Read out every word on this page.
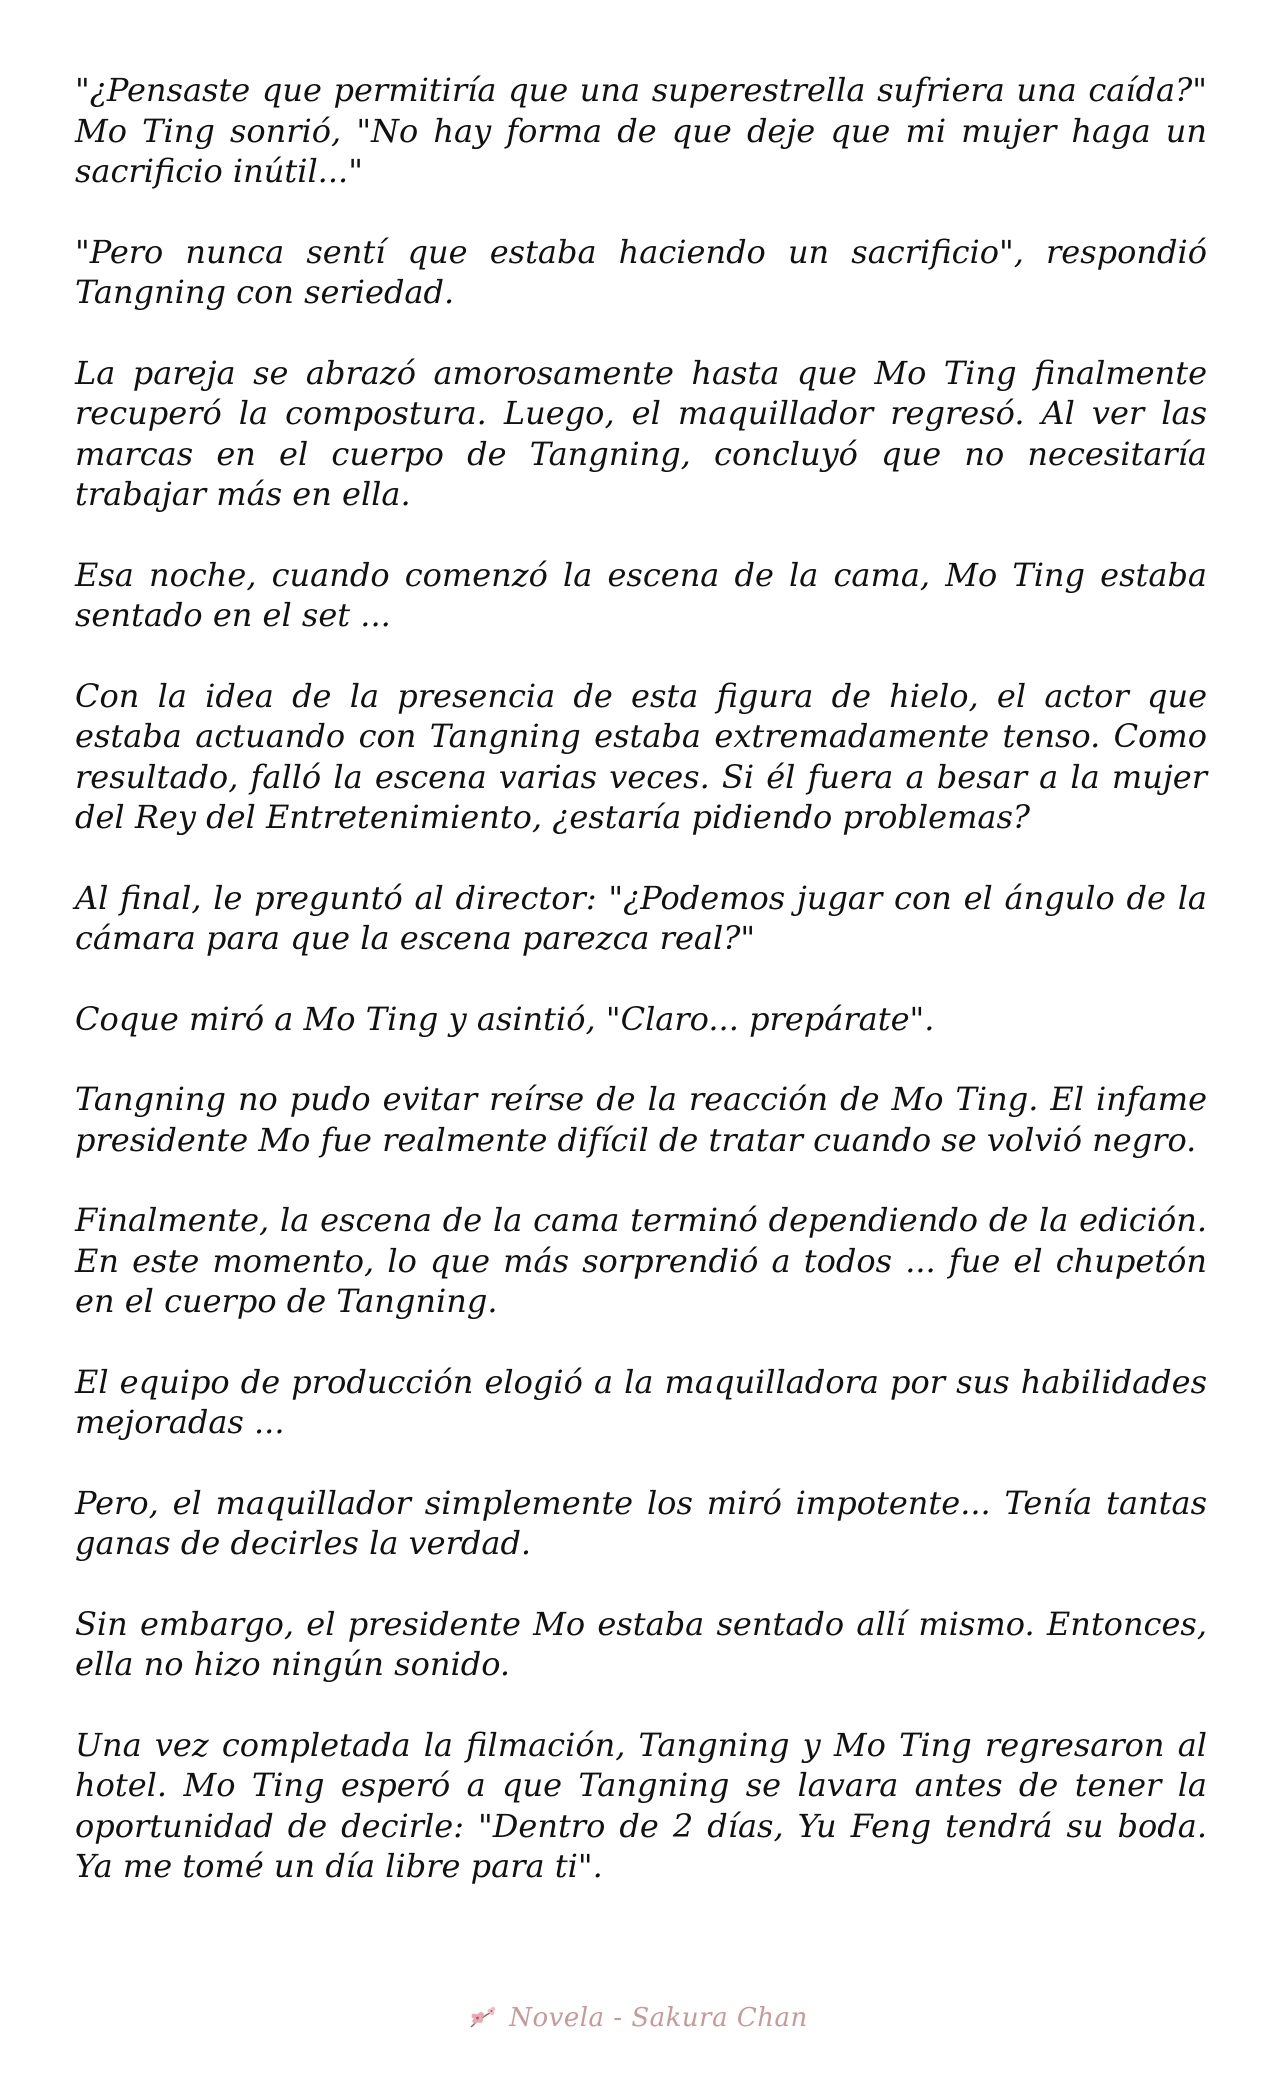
"¿Pensaste que permitiría que una superestrella sufriera una caída?" Mo Ting sonrió, "No hay forma de que deje que mi mujer haga un sacrificio inútil..."

"Pero nunca sentí que estaba haciendo un sacrificio", respondió Tangning con seriedad.

La pareja se abrazó amorosamente hasta que Mo Ting finalmente recuperó la compostura. Luego, el maquillador regresó. Al ver las marcas en el cuerpo de Tangning, concluyó que no necesitaría trabajar más en ella.

Esa noche, cuando comenzó la escena de la cama, Mo Ting estaba sentado en el set ...

Con la idea de la presencia de esta figura de hielo, el actor que estaba actuando con Tangning estaba extremadamente tenso. Como resultado, falló la escena varias veces. Si él fuera a besar a la mujer del Rey del Entretenimiento, ¿estaría pidiendo problemas?

Al final, le preguntó al director: "¿Podemos jugar con el ángulo de la cámara para que la escena parezca real?"

Coque miró a Mo Ting y asintió, "Claro... prepárate".

Tangning no pudo evitar reírse de la reacción de Mo Ting. El infame presidente Mo fue realmente difícil de tratar cuando se volvió negro.

Finalmente, la escena de la cama terminó dependiendo de la edición. En este momento, lo que más sorprendió a todos ... fue el chupetón en el cuerpo de Tangning.

El equipo de producción elogió a la maquilladora por sus habilidades mejoradas ...

Pero, el maquillador simplemente los miró impotente... Tenía tantas ganas de decirles la verdad.

Sin embargo, el presidente Mo estaba sentado allí mismo. Entonces, ella no hizo ningún sonido.

Una vez completada la filmación, Tangning y Mo Ting regresaron al hotel. Mo Ting esperó a que Tangning se lavara antes de tener la oportunidad de decirle: "Dentro de 2 días, Yu Feng tendrá su boda. Ya me tomé un día libre para ti".

Novela - Sakura Chan
